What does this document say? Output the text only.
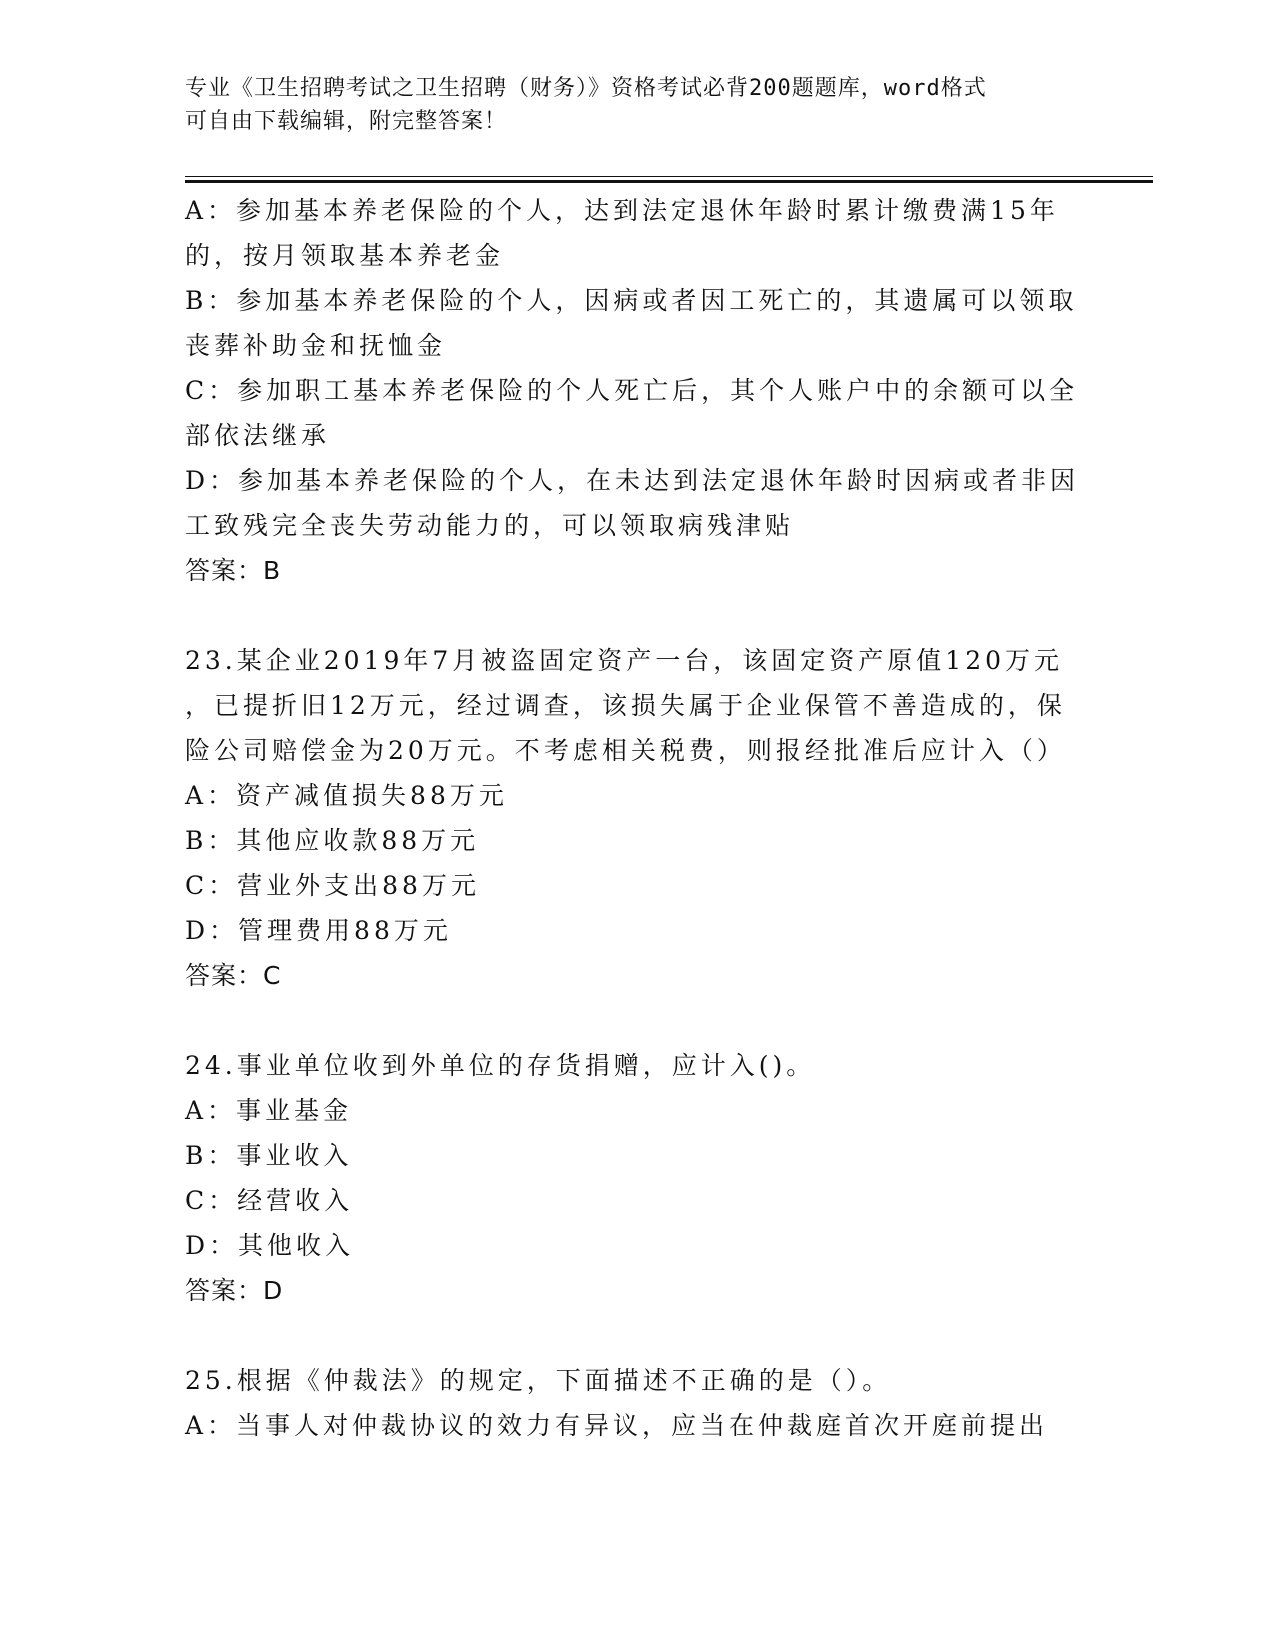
专业《卫生招聘考试之卫生招聘（财务）》资格考试必背200题题库，word格式
可自由下载编辑，附完整答案！
A：参加基本养老保险的个人，达到法定退休年龄时累计缴费满15年
的，按月领取基本养老金
B：参加基本养老保险的个人，因病或者因工死亡的，其遗属可以领取
丧葬补助金和抚恤金
C：参加职工基本养老保险的个人死亡后，其个人账户中的余额可以全
部依法继承
D：参加基本养老保险的个人，在未达到法定退休年龄时因病或者非因
工致残完全丧失劳动能力的，可以领取病残津贴
答案：B
23.某企业2019年7月被盗固定资产一台，该固定资产原值120万元
，已提折旧12万元，经过调查，该损失属于企业保管不善造成的，保
险公司赔偿金为20万元。不考虑相关税费，则报经批准后应计入（）
A：资产减值损失88万元
B：其他应收款88万元
C：营业外支出88万元
D：管理费用88万元
答案：C
24.事业单位收到外单位的存货捐赠，应计入()。
A：事业基金
B：事业收入
C：经营收入
D：其他收入
答案：D
25.根据《仲裁法》的规定，下面描述不正确的是（）。
A：当事人对仲裁协议的效力有异议，应当在仲裁庭首次开庭前提出
